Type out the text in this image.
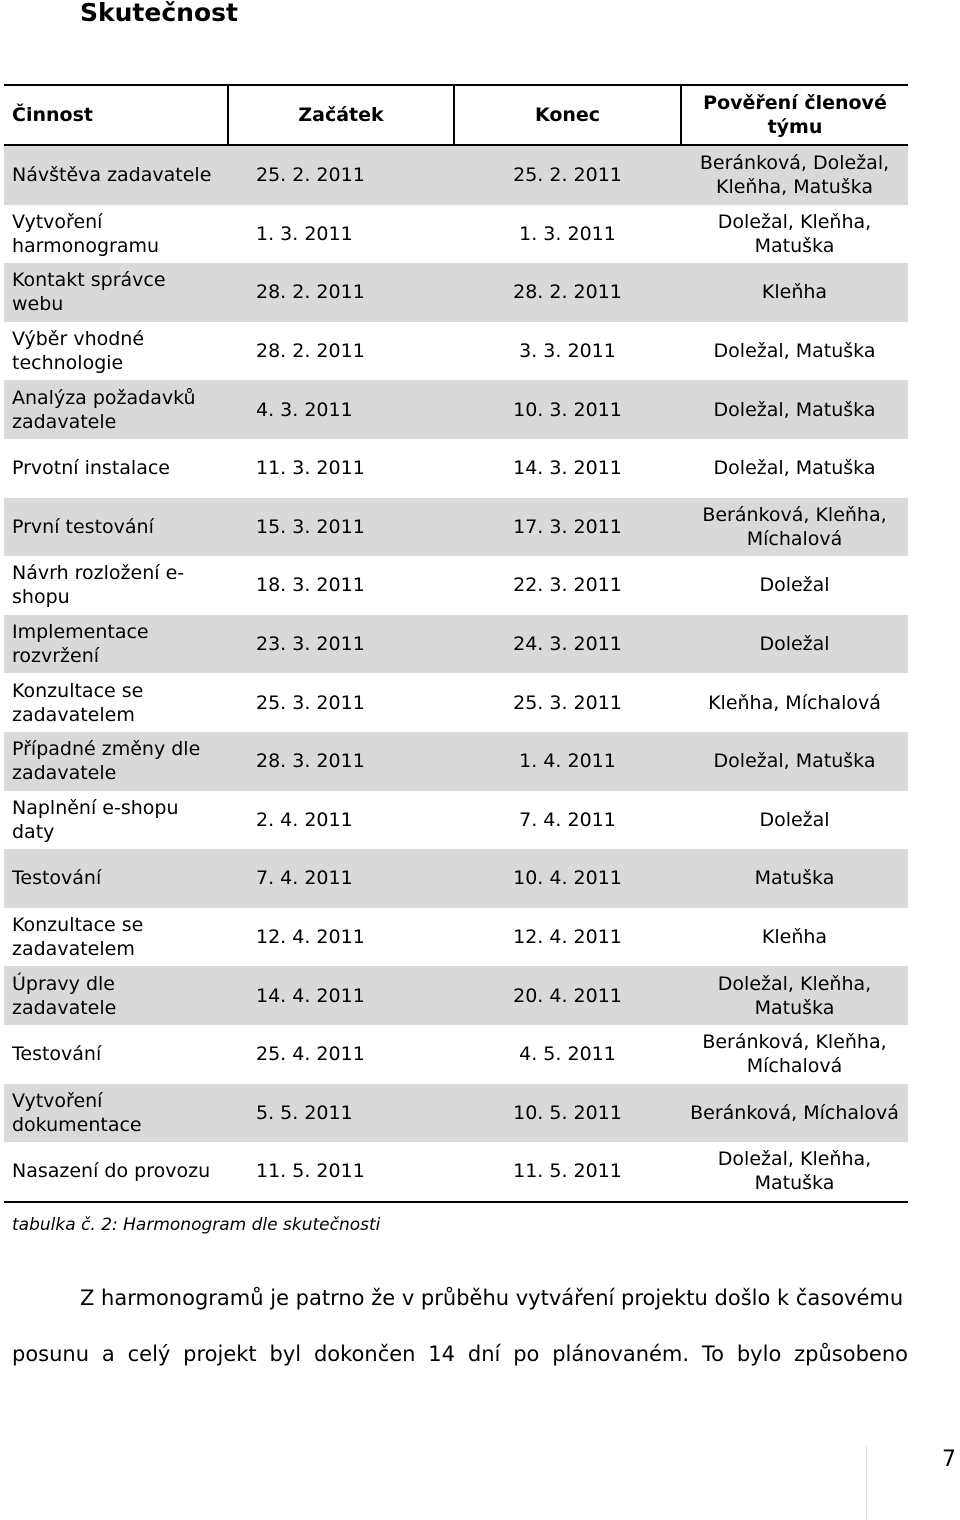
Skutečnost
Činnost	Začátek	Konec	Pověření členové týmu
Návštěva zadavatele	25. 2. 2011	25. 2. 2011	Beránková, Doležal, Kleňha, Matuška
Vytvoření harmonogramu	1. 3. 2011	1. 3. 2011	Doležal, Kleňha, Matuška
Kontakt správce webu	28. 2. 2011	28. 2. 2011	Kleňha
Výběr vhodné technologie	28. 2. 2011	3. 3. 2011	Doležal, Matuška
Analýza požadavků zadavatele	4. 3. 2011	10. 3. 2011	Doležal, Matuška
Prvotní instalace	11. 3. 2011	14. 3. 2011	Doležal, Matuška
První testování	15. 3. 2011	17. 3. 2011	Beránková, Kleňha, Míchalová
Návrh rozložení e-shopu	18. 3. 2011	22. 3. 2011	Doležal
Implementace rozvržení	23. 3. 2011	24. 3. 2011	Doležal
Konzultace se zadavatelem	25. 3. 2011	25. 3. 2011	Kleňha, Míchalová
Případné změny dle zadavatele	28. 3. 2011	1. 4. 2011	Doležal, Matuška
Naplnění e-shopu daty	2. 4. 2011	7. 4. 2011	Doležal
Testování	7. 4. 2011	10. 4. 2011	Matuška
Konzultace se zadavatelem	12. 4. 2011	12. 4. 2011	Kleňha
Úpravy dle zadavatele	14. 4. 2011	20. 4. 2011	Doležal, Kleňha, Matuška
Testování	25. 4. 2011	4. 5. 2011	Beránková, Kleňha, Míchalová
Vytvoření dokumentace	5. 5. 2011	10. 5. 2011	Beránková, Míchalová
Nasazení do provozu	11. 5. 2011	11. 5. 2011	Doležal, Kleňha, Matuška

tabulka č. 2: Harmonogram dle skutečnosti

Z harmonogramů je patrno že v průběhu vytváření projektu došlo k časovému

posunu a celý projekt byl dokončen 14 dní po plánovaném. To bylo způsobeno

7
